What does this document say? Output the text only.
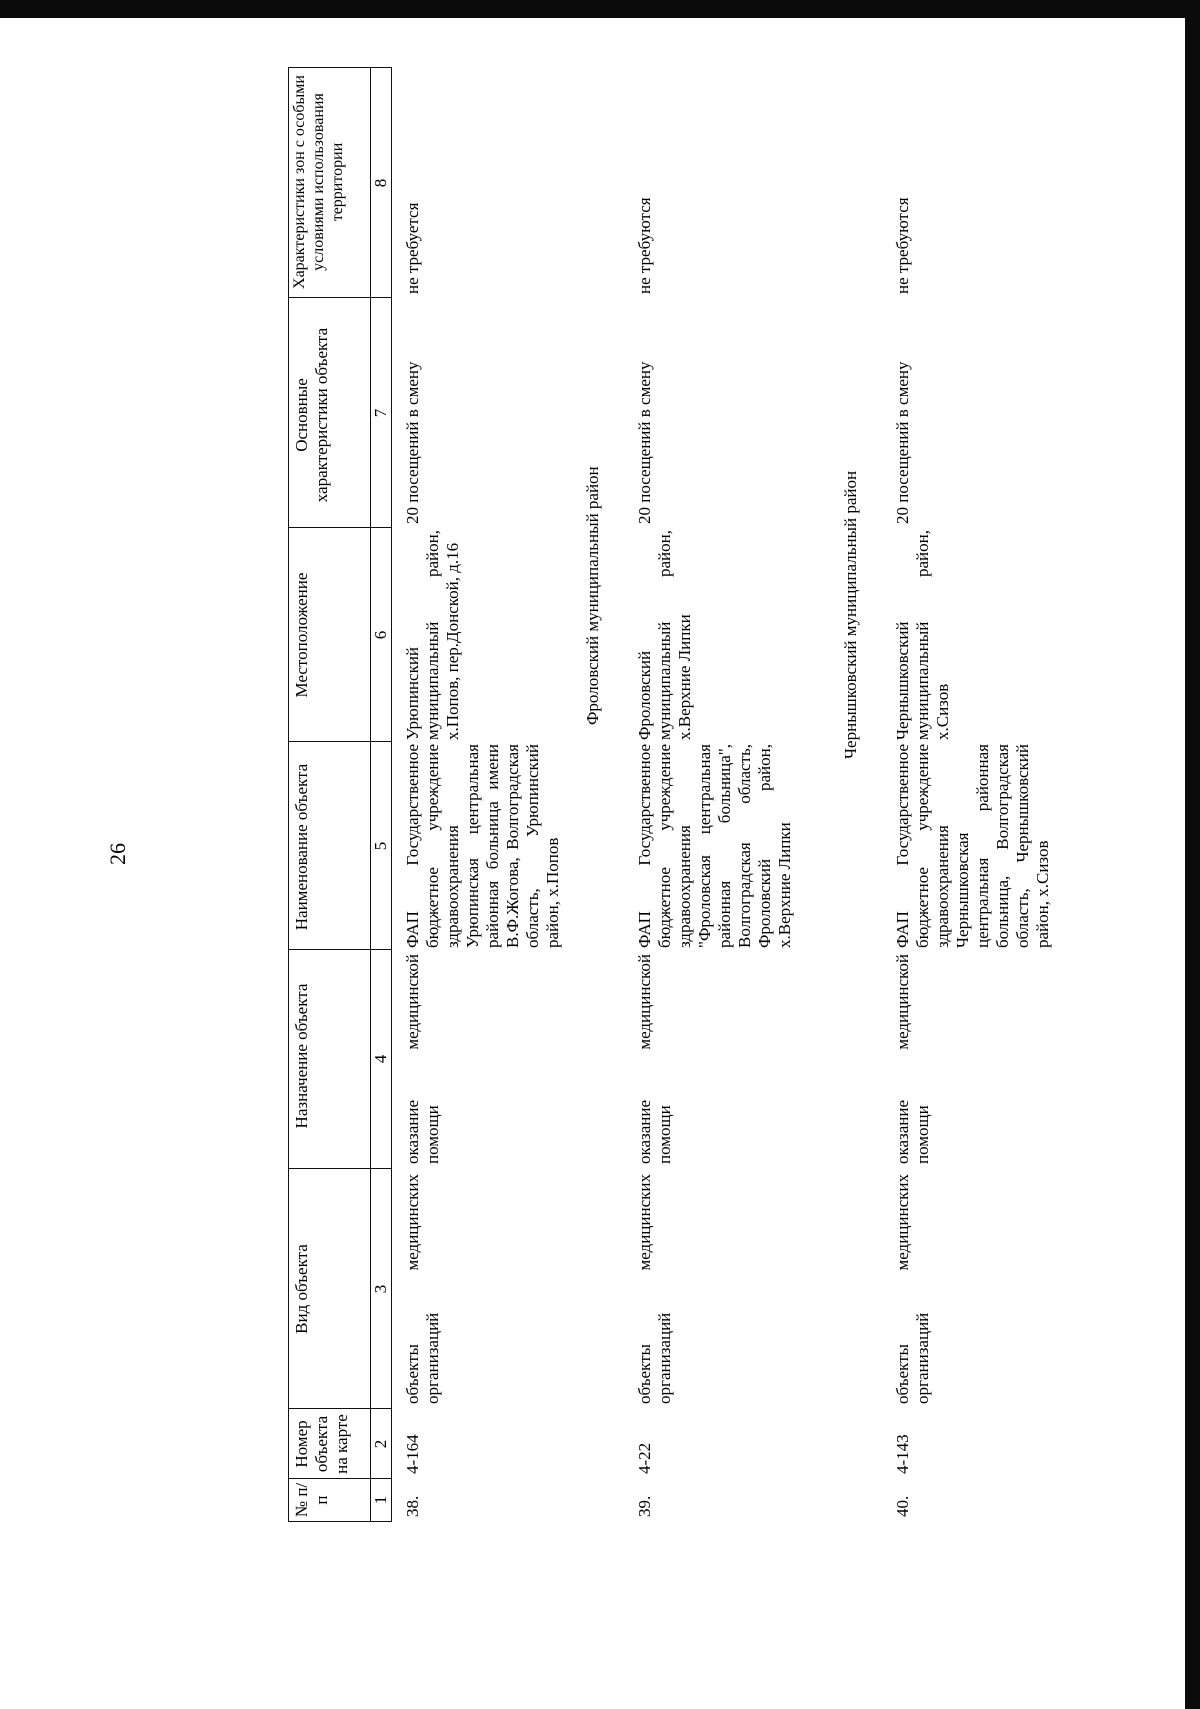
26
№ п/п
Номер объекта на карте
Вид объекта
Назначение объекта
Наименование объекта
Местоположение
Основные характеристики объекта
Характеристики зон с особыми условиями использования территории
1
2
3
4
5
6
7
8
38.
4-164
объекты медицинских организаций
оказание медицинской помощи
ФАП Государственное бюджетное учреждение здравоохранения Урюпинская центральная районная больница имени В.Ф.Жогова, Волгоградская область, Урюпинский район, х.Попов
Урюпинский муниципальный район, х.Попов, пер.Донской, д.16
20 посещений в смену
не требуется
Фроловский муниципальный район
39.
4-22
объекты медицинских организаций
оказание медицинской помощи
ФАП Государственное бюджетное учреждение здравоохранения "Фроловская центральная районная больница", Волгоградская область, Фроловский район, х.Верхние Липки
Фроловский муниципальный район, х.Верхние Липки
20 посещений в смену
не требуются
Чернышковский муниципальный район
40.
4-143
объекты медицинских организаций
оказание медицинской помощи
ФАП Государственное бюджетное учреждение здравоохранения Чернышковская центральная районная больница, Волгоградская область, Чернышковский район, х.Сизов
Чернышковский муниципальный район, х.Сизов
20 посещений в смену
не требуются
